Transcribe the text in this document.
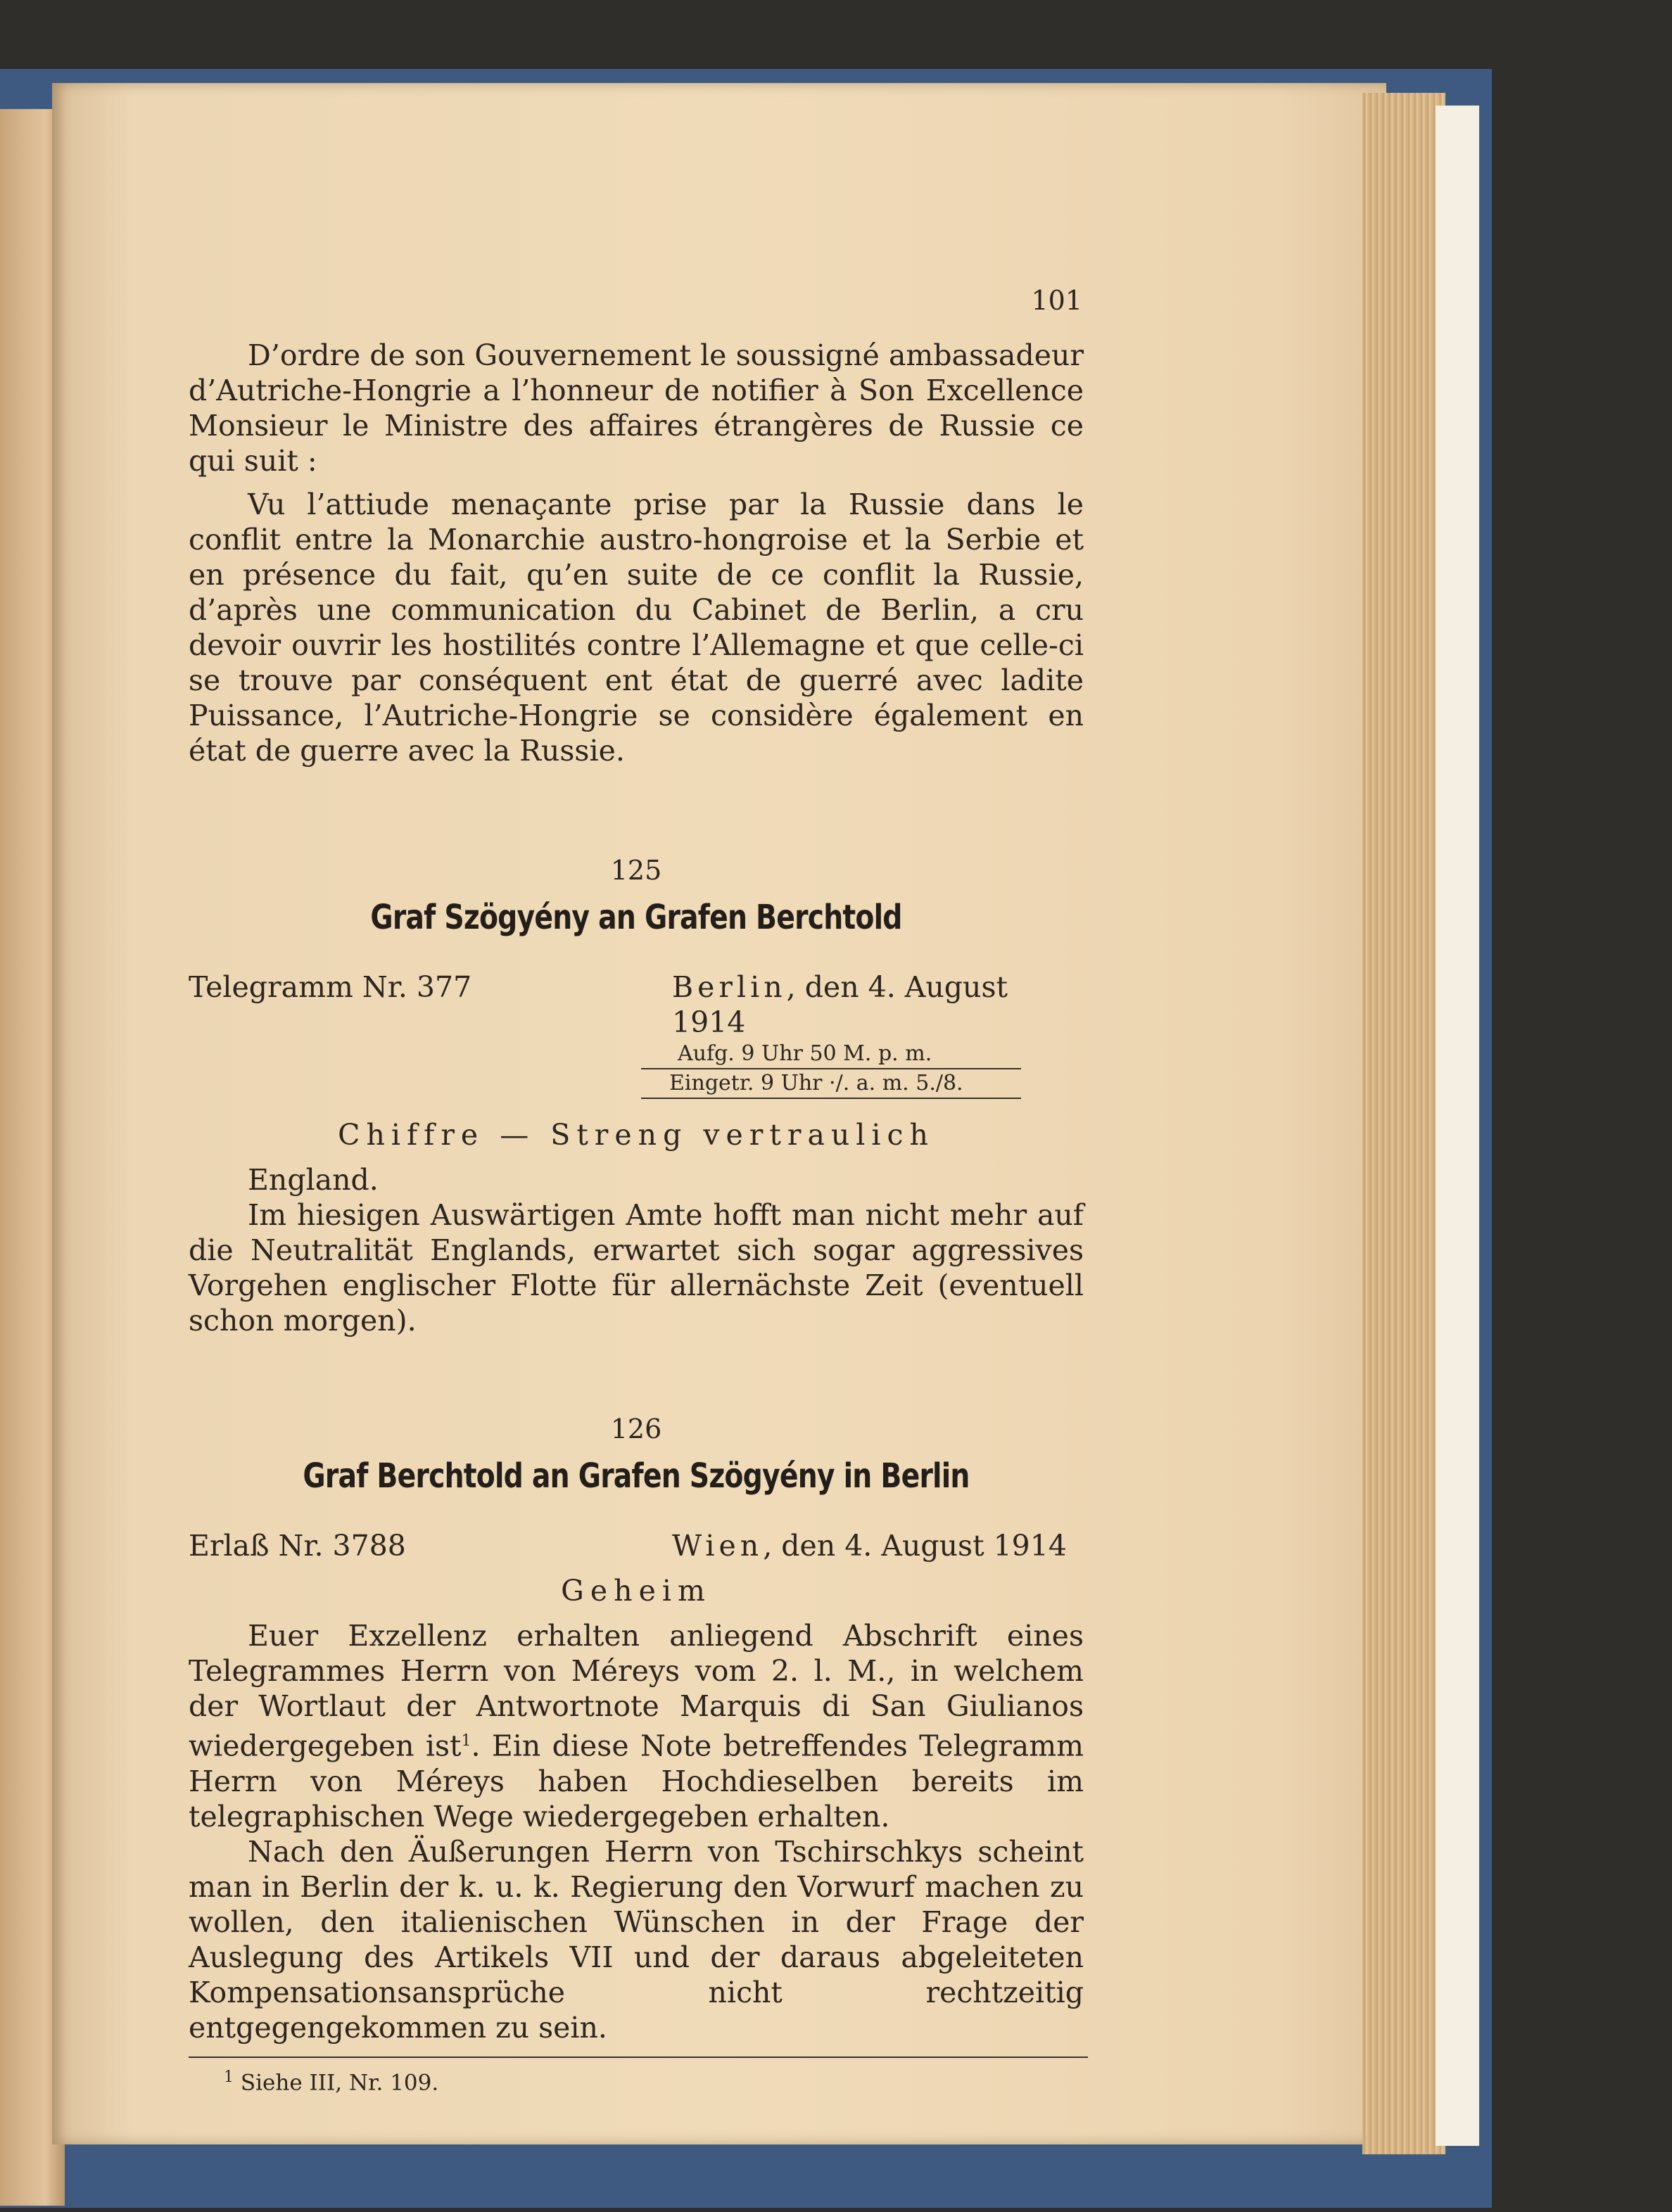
101

D’ordre de son Gouvernement le soussigné ambassadeur d’Autriche-Hongrie a l’honneur de notifier à Son Excellence Monsieur le Ministre des affaires étrangères de Russie ce qui suit :

Vu l’attiude menaçante prise par la Russie dans le conflit entre la Monarchie austro-hongroise et la Serbie et en présence du fait, qu’en suite de ce conflit la Russie, d’après une communication du Cabinet de Berlin, a cru devoir ouvrir les hostilités contre l’Allemagne et que celle-ci se trouve par conséquent ent état de guerré avec ladite Puissance, l’Autriche-Hongrie se considère également en état de guerre avec la Russie.

125
Graf Szögyény an Grafen Berchtold
Telegramm Nr. 377	Berlin, den 4. August 1914
Aufg. 9 Uhr 50 M. p. m.
Eingetr. 9 Uhr ·/. a. m. 5./8.
Chiffre — Streng vertraulich

England.

Im hiesigen Auswärtigen Amte hofft man nicht mehr auf die Neutralität Englands, erwartet sich sogar aggressives Vorgehen englischer Flotte für allernächste Zeit (eventuell schon morgen).

126
Graf Berchtold an Grafen Szögyény in Berlin
Erlaß Nr. 3788	Wien, den 4. August 1914
Geheim

Euer Exzellenz erhalten anliegend Abschrift eines Telegrammes Herrn von Méreys vom 2. l. M., in welchem der Wortlaut der Antwortnote Marquis di San Giulianos wiedergegeben ist$^1$. Ein diese Note betreffendes Telegramm Herrn von Méreys haben Hochdieselben bereits im telegraphischen Wege wiedergegeben erhalten.

Nach den Äußerungen Herrn von Tschirschkys scheint man in Berlin der k. u. k. Regierung den Vorwurf machen zu wollen, den italienischen Wünschen in der Frage der Auslegung des Artikels VII und der daraus abgeleiteten Kompensationsansprüche nicht rechtzeitig entgegengekommen zu sein.

$^1$ Siehe III, Nr. 109.
